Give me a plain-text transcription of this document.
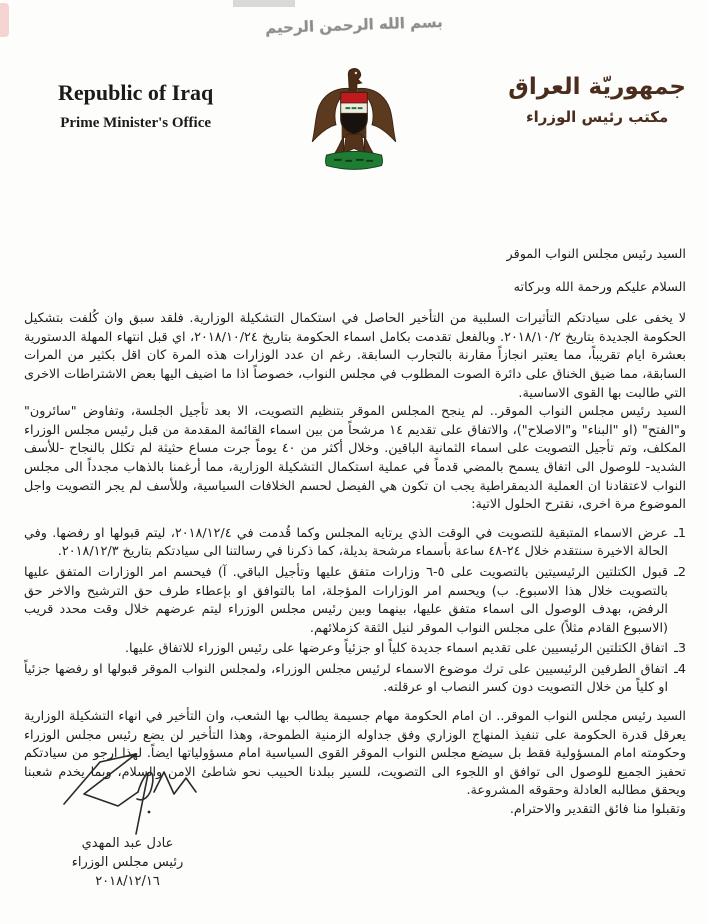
بسم الله الرحمن الرحيم
Republic of Iraq
Prime Minister's Office
جمهوريّة العراق
مكتب رئيس الوزراء

السيد رئيس مجلس النواب الموقر

السلام عليكم ورحمة الله وبركاته

لا يخفى على سيادتكم التأثيرات السلبية من التأخير الحاصل في استكمال التشكيلة الوزارية. فلقد سبق وان كُلفت بتشكيل الحكومة الجديدة بتاريخ ٢٠١٨/١٠/٢. وبالفعل تقدمت بكامل اسماء الحكومة بتاريخ ٢٠١٨/١٠/٢٤، اي قبل انتهاء المهلة الدستورية بعشرة ايام تقريباً، مما يعتبر انجازاً مقارنة بالتجارب السابقة. رغم ان عدد الوزارات هذه المرة كان اقل بكثير من المرات السابقة، مما ضيق الخناق على دائرة الصوت المطلوب في مجلس النواب، خصوصاً اذا ما اضيف اليها بعض الاشتراطات الاخرى التي طالبت بها القوى الاساسية.

السيد رئيس مجلس النواب الموقر.. لم ينجح المجلس الموقر بتنظيم التصويت، الا بعد تأجيل الجلسة، وتفاوض "سائرون" و"الفتح" (او "البناء" و"الاصلاح")، والاتفاق على تقديم ١٤ مرشحاً من بين اسماء القائمة المقدمة من قبل رئيس مجلس الوزراء المكلف، وتم تأجيل التصويت على اسماء الثمانية الباقين. وخلال أكثر من ٤٠ يوماً جرت مساع حثيثة لم تكلل بالنجاح -للأسف الشديد- للوصول الى اتفاق يسمح بالمضي قدماً في عملية استكمال التشكيلة الوزارية، مما أرغمنا بالذهاب مجدداً الى مجلس النواب لاعتقادنا ان العملية الديمقراطية يجب ان تكون هي الفيصل لحسم الخلافات السياسية، وللأسف لم يجر التصويت واجل الموضوع مرة اخرى، نقترح الحلول الاتية:

1ـ
عرض الاسماء المتبقية للتصويت في الوقت الذي يرتايه المجلس وكما قُدمت في ٢٠١٨/١٢/٤، ليتم قبولها او رفضها. وفي الحالة الاخيرة سنتقدم خلال ٢٤-٤٨ ساعة بأسماء مرشحة بديلة، كما ذكرنا في رسالتنا الى سيادتكم بتاريخ ٢٠١٨/١٢/٣.
2ـ
قبول الكتلتين الرئيسيتين بالتصويت على ٥-٦ وزارات متفق عليها وتأجيل الباقي. آ) فيحسم امر الوزارات المتفق عليها بالتصويت خلال هذا الاسبوع. ب) ويحسم امر الوزارات المؤجلة، اما بالتوافق او بإعطاء طرف حق الترشيح والاخر حق الرفض، بهدف الوصول الى اسماء متفق عليها، بينهما وبين رئيس مجلس الوزراء ليتم عرضهم خلال وقت محدد قريب (الاسبوع القادم مثلاً) على مجلس النواب الموقر لنيل الثقة كزملائهم.
3ـ
اتفاق الكتلتين الرئيسيين على تقديم اسماء جديدة كلياً او جزئياً وعرضها على رئيس الوزراء للاتفاق عليها.
4ـ
اتفاق الطرفين الرئيسيين على ترك موضوع الاسماء لرئيس مجلس الوزراء، ولمجلس النواب الموقر قبولها او رفضها جزئياً او كلياً من خلال التصويت دون كسر النصاب او عرقلته.

السيد رئيس مجلس النواب الموقر.. ان امام الحكومة مهام جسيمة يطالب بها الشعب، وان التأخير في انهاء التشكيلة الوزارية يعرقل قدرة الحكومة على تنفيذ المنهاج الوزاري وفق جداوله الزمنية الطموحة، وهذا التأخير لن يضع رئيس مجلس الوزراء وحكومته امام المسؤولية فقط بل سيضع مجلس النواب الموقر القوى السياسية امام مسؤولياتها ايضاً. لهذا ارجو من سيادتكم تحفيز الجميع للوصول الى توافق او اللجوء الى التصويت، للسير ببلدنا الحبيب نحو شاطئ الامن والسلام، وبما يخدم شعبنا ويحقق مطالبه العادلة وحقوقه المشروعة.

وتقبلوا منا فائق التقدير والاحترام.

عادل عبد المهدي
رئيس مجلس الوزراء
٢٠١٨/١٢/١٦
